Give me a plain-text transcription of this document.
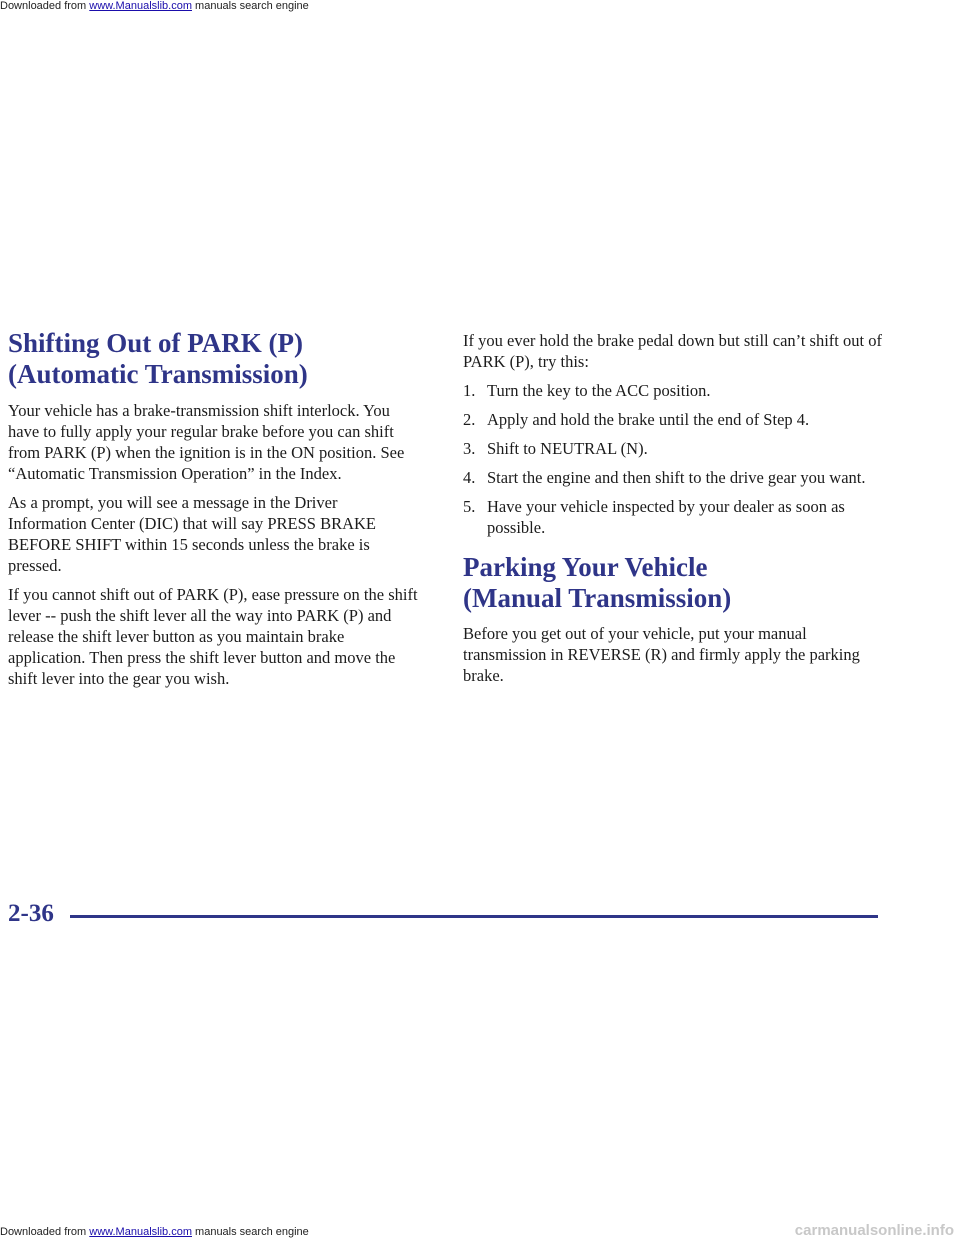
Downloaded from www.Manualslib.com manuals search engine
Shifting Out of PARK (P)
(Automatic Transmission)

Your vehicle has a brake-transmission shift interlock. You have to fully apply your regular brake before you can shift from PARK (P) when the ignition is in the ON position. See “Automatic Transmission Operation” in the Index.

As a prompt, you will see a message in the Driver Information Center (DIC) that will say PRESS BRAKE BEFORE SHIFT within 15 seconds unless the brake is pressed.

If you cannot shift out of PARK (P), ease pressure on the shift lever -- push the shift lever all the way into PARK (P) and release the shift lever button as you maintain brake application. Then press the shift lever button and move the shift lever into the gear you wish.

If you ever hold the brake pedal down but still can’t shift out of PARK (P), try this:

1. Turn the key to the ACC position.
2. Apply and hold the brake until the end of Step 4.
3. Shift to NEUTRAL (N).
4. Start the engine and then shift to the drive gear you want.
5. Have your vehicle inspected by your dealer as soon as possible.
Parking Your Vehicle
(Manual Transmission)

Before you get out of your vehicle, put your manual transmission in REVERSE (R) and firmly apply the parking brake.

2-36
Downloaded from www.Manualslib.com manuals search engine	carmanualsonline.info
